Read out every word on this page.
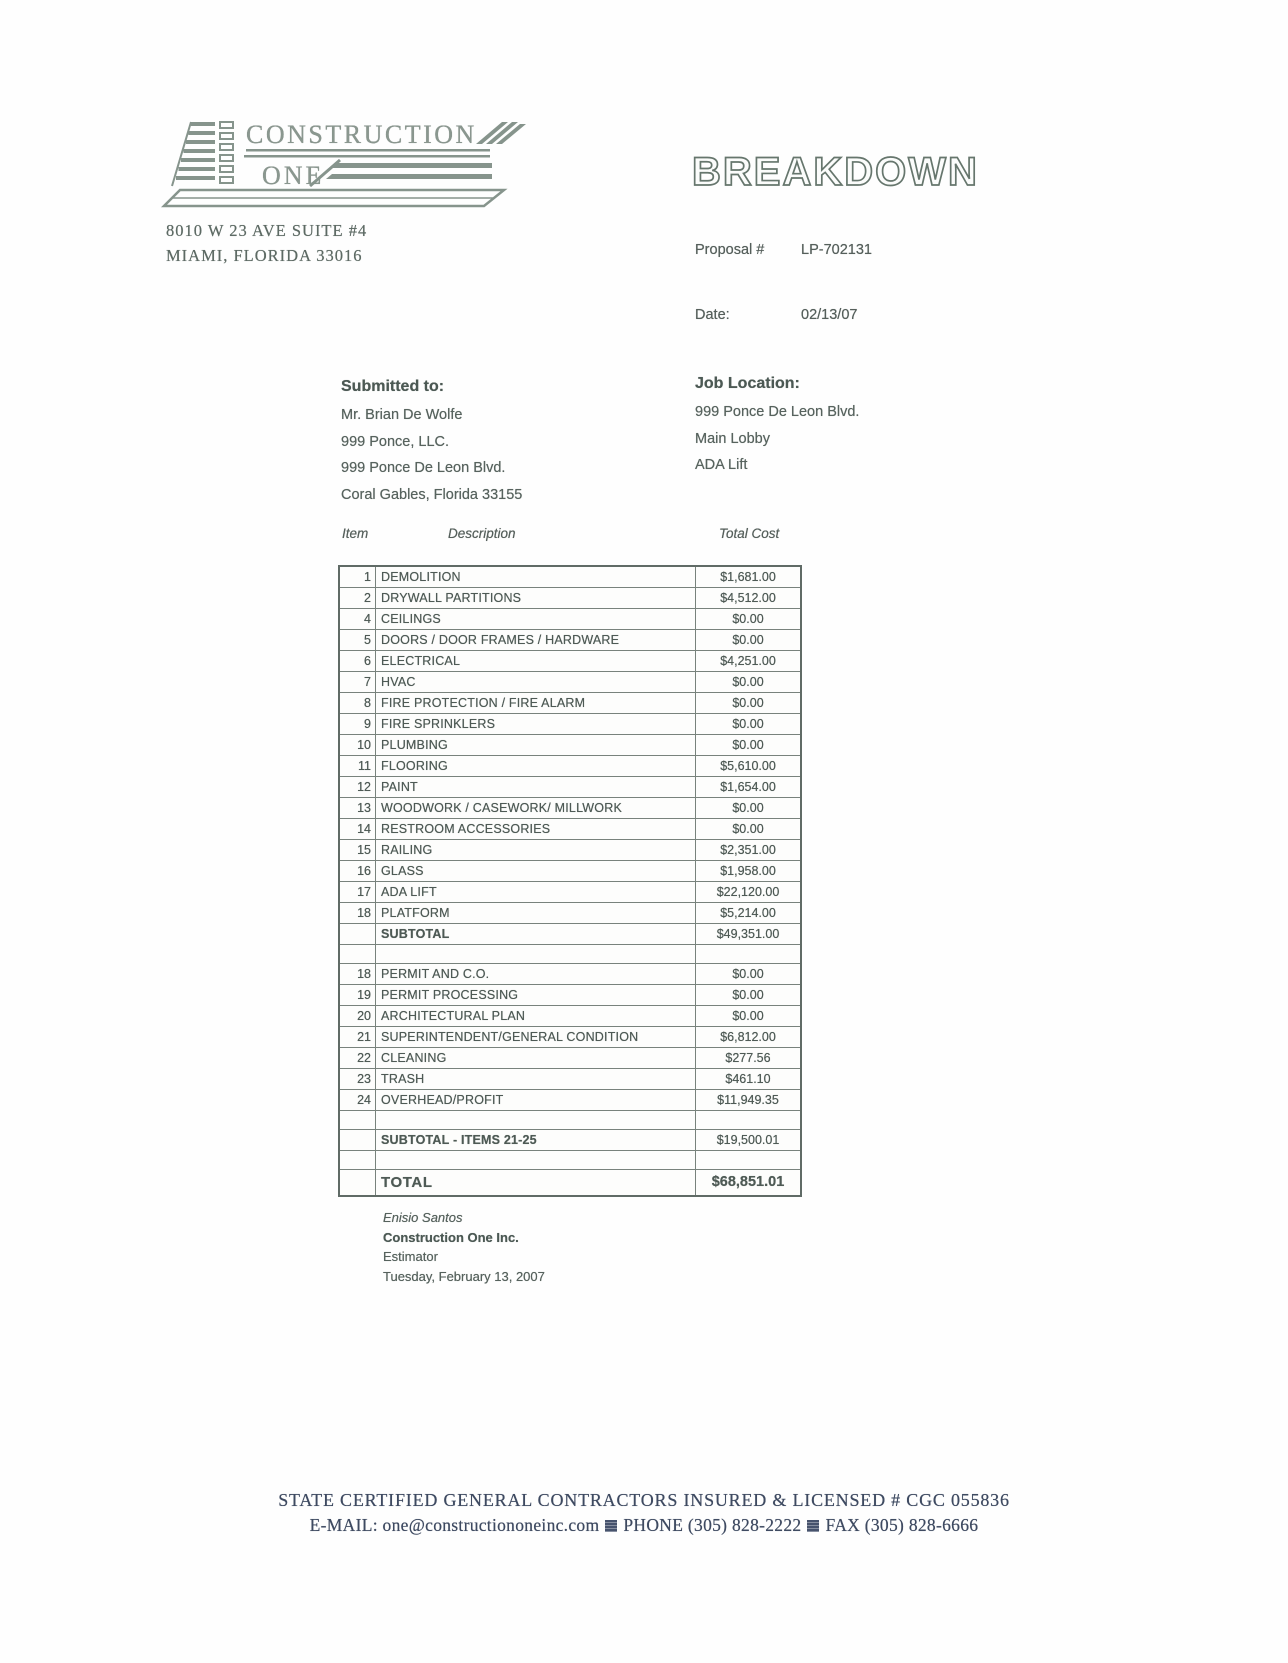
CONSTRUCTION
ONE
8010 W 23 AVE SUITE #4
MIAMI, FLORIDA 33016
BREAKDOWN
Proposal #	LP-702131
Date:	02/13/07
Submitted to:
Mr. Brian De Wolfe
999 Ponce, LLC.
999 Ponce De Leon Blvd.
Coral Gables, Florida 33155
Job Location:
999 Ponce De Leon Blvd.
Main Lobby
ADA Lift
Item	Description	Total Cost
1 DEMOLITION	$1,681.00
2 DRYWALL PARTITIONS	$4,512.00
4 CEILINGS	$0.00
5 DOORS / DOOR FRAMES / HARDWARE	$0.00
6 ELECTRICAL	$4,251.00
7 HVAC	$0.00
8 FIRE PROTECTION / FIRE ALARM	$0.00
9 FIRE SPRINKLERS	$0.00
10 PLUMBING	$0.00
11 FLOORING	$5,610.00
12 PAINT	$1,654.00
13 WOODWORK / CASEWORK/ MILLWORK	$0.00
14 RESTROOM ACCESSORIES	$0.00
15 RAILING	$2,351.00
16 GLASS	$1,958.00
17 ADA LIFT	$22,120.00
18 PLATFORM	$5,214.00
SUBTOTAL	$49,351.00
18 PERMIT AND C.O.	$0.00
19 PERMIT PROCESSING	$0.00
20 ARCHITECTURAL PLAN	$0.00
21 SUPERINTENDENT/GENERAL CONDITION	$6,812.00
22 CLEANING	$277.56
23 TRASH	$461.10
24 OVERHEAD/PROFIT	$11,949.35
SUBTOTAL - ITEMS 21-25	$19,500.01
TOTAL	$68,851.01
Enisio Santos
Construction One Inc.
Estimator
Tuesday, February 13, 2007
STATE CERTIFIED GENERAL CONTRACTORS INSURED & LICENSED # CGC 055836
E-MAIL: one@constructiononeinc.com PHONE (305) 828-2222 FAX (305) 828-6666
